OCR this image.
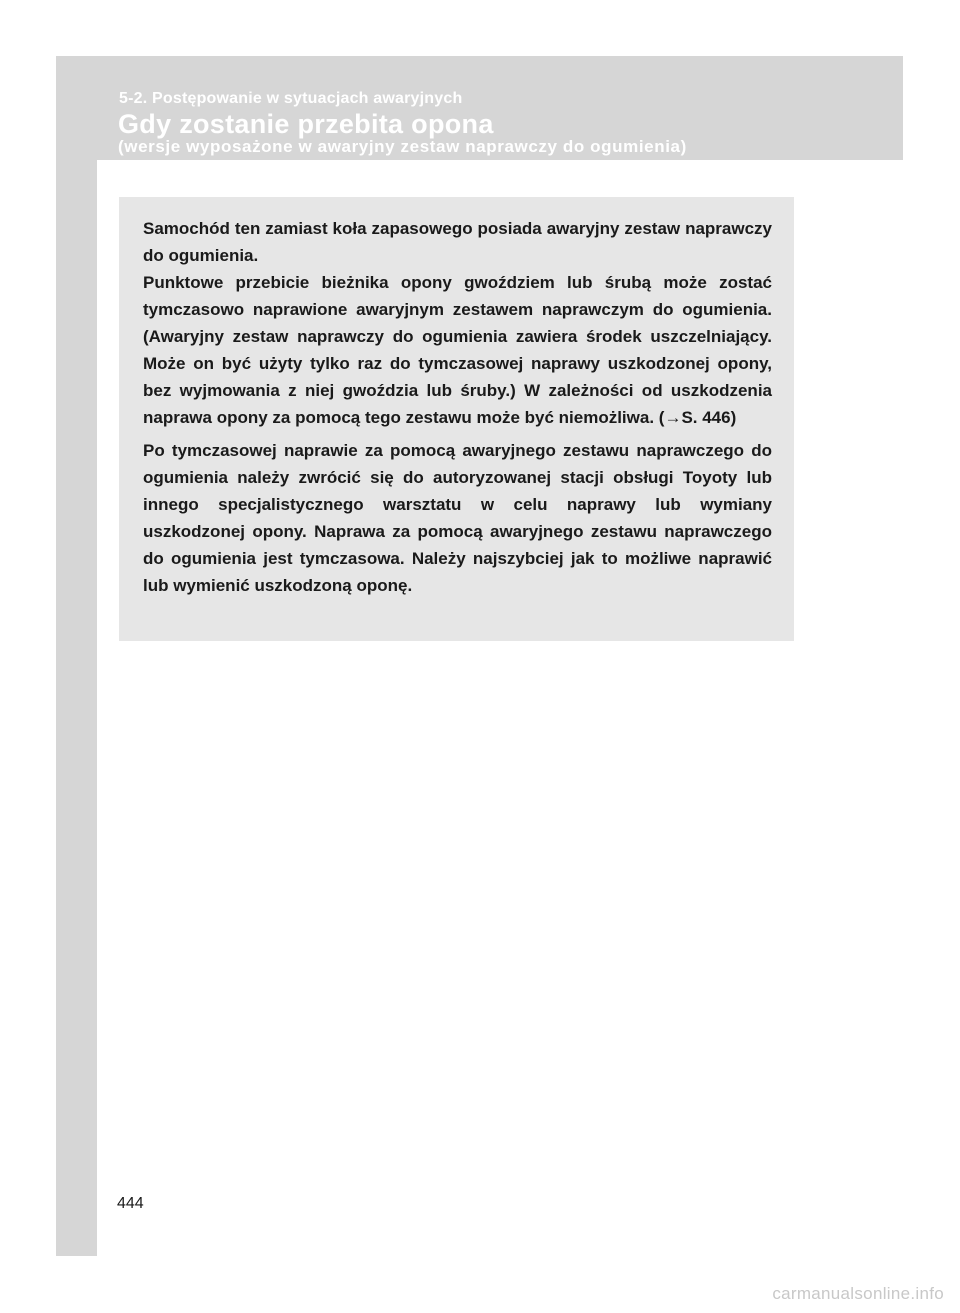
5-2. Postępowanie w sytuacjach awaryjnych
Gdy zostanie przebita opona
(wersje wyposażone w awaryjny zestaw naprawczy do ogumienia)

Samochód ten zamiast koła zapasowego posiada awaryjny zestaw naprawczy do ogumienia.

Punktowe przebicie bieżnika opony gwoździem lub śrubą może zostać tymczasowo naprawione awaryjnym zestawem naprawczym do ogumienia. (Awaryjny zestaw naprawczy do ogumienia zawiera środek uszczelniający. Może on być użyty tylko raz do tymczasowej naprawy uszkodzonej opony, bez wyjmowania z niej gwoździa lub śruby.) W zależności od uszkodzenia naprawa opony za pomocą tego zestawu może być niemożliwa. (→S. 446)

Po tymczasowej naprawie za pomocą awaryjnego zestawu naprawczego do ogumienia należy zwrócić się do autoryzowanej stacji obsługi Toyoty lub innego specjalistycznego warsztatu w celu naprawy lub wymiany uszkodzonej opony. Naprawa za pomocą awaryjnego zestawu naprawczego do ogumienia jest tymczasowa. Należy najszybciej jak to możliwe naprawić lub wymienić uszkodzoną oponę.

444
carmanualsonline.info
